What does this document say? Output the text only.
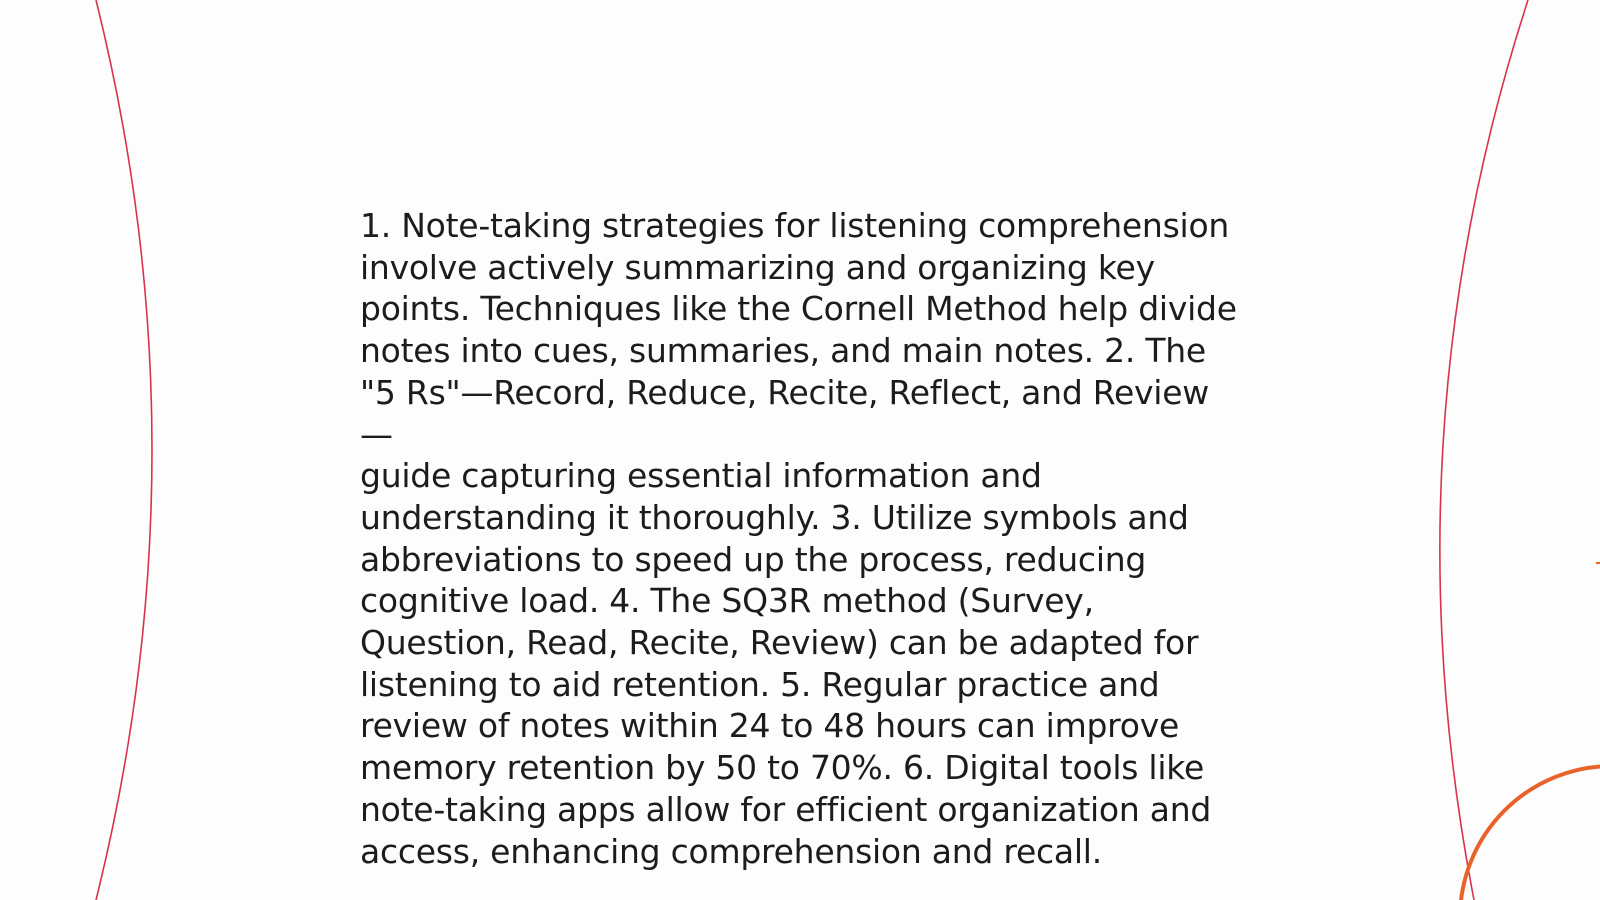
1. Note-taking strategies for listening comprehension
involve actively summarizing and organizing key
points. Techniques like the Cornell Method help divide
notes into cues, summaries, and main notes. 2. The
"5 Rs"—Record, Reduce, Recite, Reflect, and Review—
guide capturing essential information and
understanding it thoroughly. 3. Utilize symbols and
abbreviations to speed up the process, reducing
cognitive load. 4. The SQ3R method (Survey,
Question, Read, Recite, Review) can be adapted for
listening to aid retention. 5. Regular practice and
review of notes within 24 to 48 hours can improve
memory retention by 50 to 70%. 6. Digital tools like
note-taking apps allow for efficient organization and
access, enhancing comprehension and recall.
